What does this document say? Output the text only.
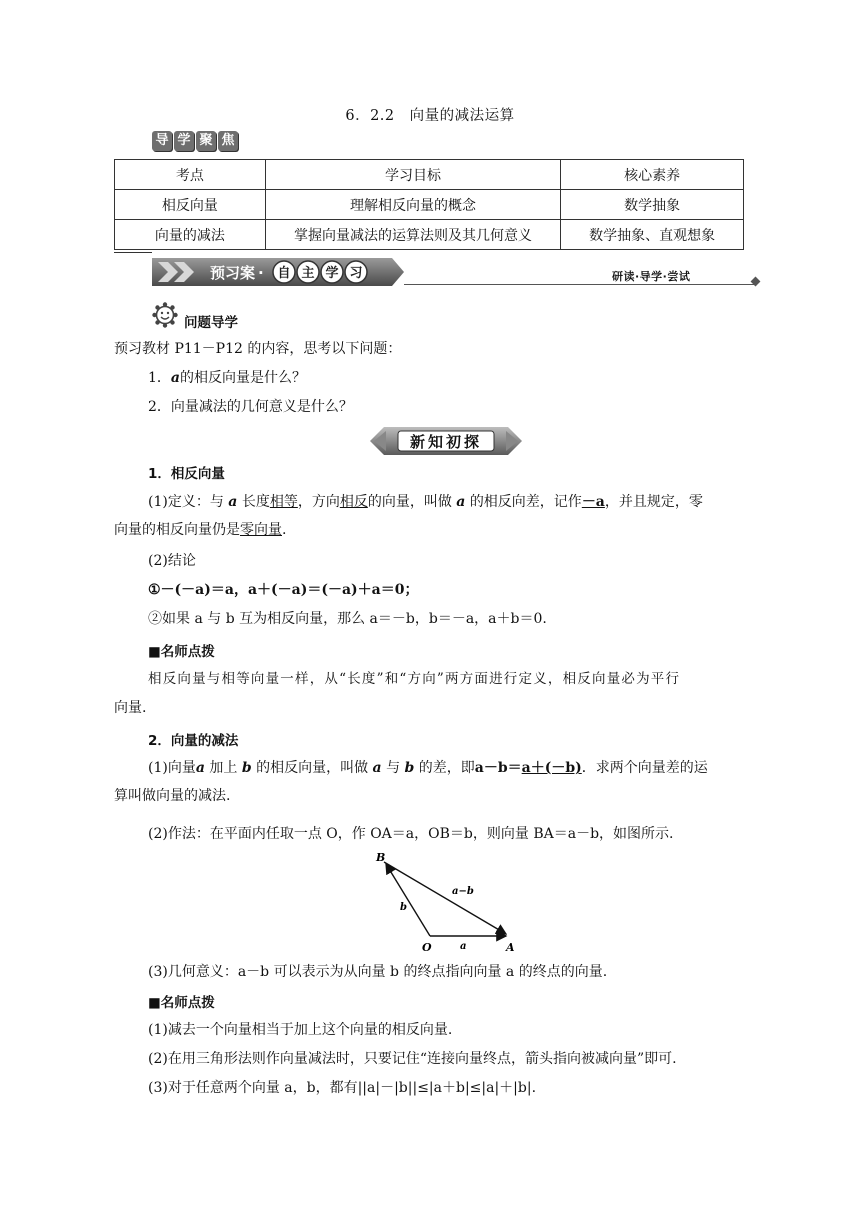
6．2.2　向量的减法运算
导 学 聚 焦
考点	学习目标	核心素养
相反向量	理解相反向量的概念	数学抽象
向量的减法	掌握向量减法的运算法则及其几何意义	数学抽象、直观想象
预习案 · 自 主 学 习	研读·导学·尝试
问题导学
预习教材 P11－P12 的内容，思考以下问题：
1．a的相反向量是什么？
2．向量减法的几何意义是什么？
新知初探
1．相反向量
(1)定义：与 a 长度相等，方向相反的向量，叫做 a 的相反向差，记作－a，并且规定，零
向量的相反向量仍是零向量.
(2)结论
①－(－a)＝a，a＋(－a)＝(－a)＋a＝0；
②如果 a 与 b 互为相反向量，那么 a＝－b，b＝－a，a＋b＝0.
■名师点拨
相反向量与相等向量一样，从“长度”和“方向”两方面进行定义，相反向量必为平行
向量.
2．向量的减法
(1)向量a 加上 b 的相反向量，叫做 a 与 b 的差，即a－b＝a＋(－b)．求两个向量差的运
算叫做向量的减法.
(2)作法：在平面内任取一点 O，作 OA＝a，OB＝b，则向量 BA＝a－b，如图所示.
B
O	A
a
b
a−b
(3)几何意义：a－b 可以表示为从向量 b 的终点指向向量 a 的终点的向量.
■名师点拨
(1)减去一个向量相当于加上这个向量的相反向量.
(2)在用三角形法则作向量减法时，只要记住“连接向量终点，箭头指向被减向量”即可.
(3)对于任意两个向量 a，b，都有||a|－|b||≤|a＋b|≤|a|＋|b|.
